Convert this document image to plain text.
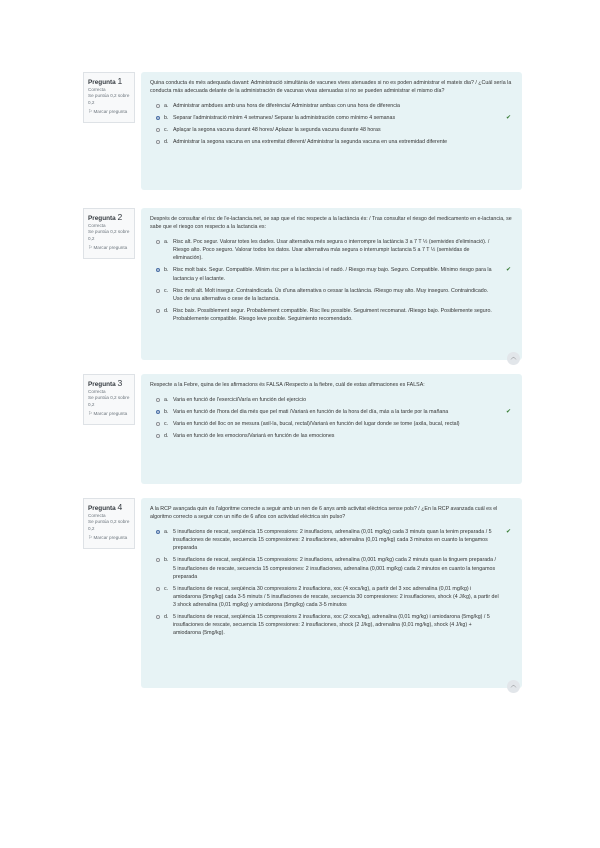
Pregunta 1
Correcta
Se puntúa 0,2 sobre 0,2
⚐Marcar pregunta
Quina conducta és més adequada davant: Administració simultània de vacunes vives atenuades si no es poden administrar el mateix dia? / ¿Cuál sería la conducta más adecuada delante de la administración de vacunas vivas atenuadas si no se pueden administrar el mismo día?
a. Administrar ambdues amb una hora de diferència/ Administrar ambas con una hora de diferencia
b. Separar l'administració mínim 4 setmanes/ Separar la administración como mínimo 4 semanas	✔
c. Aplaçar la segona vacuna durant 48 hores/ Aplazar la segunda vacuna durante 48 horas
d. Administrar la segona vacuna en una extremitat diferent/ Administrar la segunda vacuna en una extremidad diferente
Pregunta 2
Correcta
Se puntúa 0,2 sobre 0,2
⚐Marcar pregunta
Després de consultar el risc de l'e-lactancia.net, se sap que el risc respecte a la lactància és: / Tras consultar el riesgo del medicamento en e-lactancia, se sabe que el riesgo con respecto a la lactancia es:
a. Risc alt. Poc segur. Valorar totes les dades. Usar alternativa més segura o interrompre la lactància 3 a 7 T ½ (semivides d'eliminació). / Riesgo alto. Poco seguro. Valorar todos los datos. Usar alternativa más segura o interrumpir lactancia 5 a 7 T ½ (semividas de eliminación).
b. Risc molt baix. Segur. Compatible. Mínim risc per a la lactància i el nadó. / Riesgo muy bajo. Seguro. Compatible. Mínimo riesgo para la lactancia y el lactante.
✔
c. Risc molt alt. Molt insegur. Contraindicada. Ús d'una alternativa o cessar la lactància. /Riesgo muy alto. Muy inseguro. Contraindicado. Uso de una alternativa o cese de la lactancia.
d. Risc baix. Possiblement segur. Probablement compatible. Risc lleu possible. Seguiment recomanat. /Riesgo bajo. Posiblemente seguro. Probablemente compatible. Riesgo leve posible. Seguimiento recomendado.
︿
Pregunta 3
Correcta
Se puntúa 0,2 sobre 0,2
⚐Marcar pregunta
Respecte a la Febre, quina de les afirmacions és FALSA /Respecto a la fiebre, cuál de estas afirmaciones es FALSA:
a. Varia en funció de l'exercici/Varía en función del ejercicio
b. Varia en funció de l'hora del dia més que pel mati /Variará en función de la hora del día, más a la tarde por la mañana	✔
c. Varia en funció del lloc on se mesura (axil·la, bucal, rectal)/Variará en función del lugar donde se tome (axila, bucal, rectal)
d. Varia en funció de les emocions/Variará en función de las emociones
Pregunta 4
Correcta
Se puntúa 0,2 sobre 0,2
⚐Marcar pregunta
A la RCP avançada quin és l'algoritme correcte a seguir amb un nen de 6 anys amb activitat elèctrica sense pols? / ¿En la RCP avanzada cuál es el algoritmo correcto a seguir con un niño de 6 años con actividad eléctrica sin pulso?
a. 5 insuflacions de rescat, seqüència 15 compressions: 2 insuflacions, adrenalina (0,01 mg/kg) cada 3 minuts quan la tenim preparada / 5 insuflaciones de rescate, secuencia 15 compresiones: 2 insuflaciones, adrenalina (0,01 mg/kg) cada 3 minutos en cuanto la tengamos preparada
✔
b. 5 insuflacions de rescat, seqüència 15 compressions: 2 insuflacions, adrenalina (0,001 mg/kg) cada 2 minuts quan la tinguem preparada / 5 insuflaciones de rescate, secuencia 15 compresiones: 2 insuflaciones, adrenalina (0,001 mg/kg) cada 2 minutos en cuanto la tengamos preparada
c. 5 insuflacions de rescat, seqüència 30 compressions 2 insuflacions, xoc (4 xocs/kg), a partir del 3 xoc adrenalina (0,01 mg/kg) i amiodarona (5mg/kg) cada 3-5 minuts / 5 insuflaciones de rescate, secuencia 30 compresiones: 2 insuflaciones, shock (4 J/kg), a partir del 3 shock adrenalina (0,01 mg/kg) y amiodarona (5mg/kg) cada 3-5 minutos
d. 5 insuflacions de rescat, seqüència 15 compressions 2 insuflacions, xoc (2 xocs/kg), adrenalina (0,01 mg/kg) i amiodarona (5mg/kg) / 5 insuflaciones de rescate, secuencia 15 compresiones: 2 insuflaciones, shock (2 J/kg), adrenalina (0,01 mg/kg), shock (4 J/kg) + amiodarona (5mg/kg).
︿
